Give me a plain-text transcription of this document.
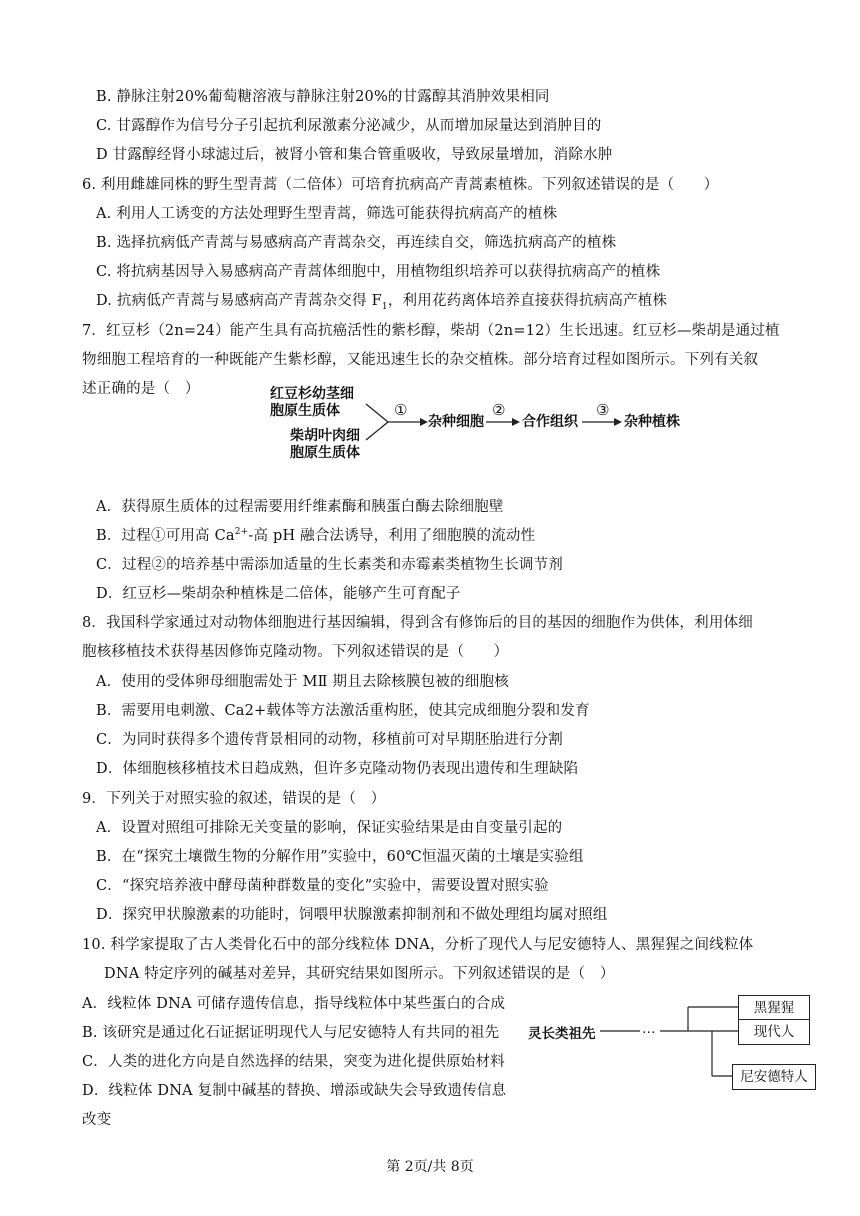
B. 静脉注射20%葡萄糖溶液与静脉注射20%的甘露醇其消肿效果相同
C. 甘露醇作为信号分子引起抗利尿激素分泌减少，从而增加尿量达到消肿目的
D 甘露醇经肾小球滤过后，被肾小管和集合管重吸收，导致尿量增加，消除水肿
6. 利用雌雄同株的野生型青蒿（二倍体）可培育抗病高产青蒿素植株。下列叙述错误的是（　　）
A. 利用人工诱变的方法处理野生型青蒿，筛选可能获得抗病高产的植株
B. 选择抗病低产青蒿与易感病高产青蒿杂交，再连续自交，筛选抗病高产的植株
C. 将抗病基因导入易感病高产青蒿体细胞中，用植物组织培养可以获得抗病高产的植株
D. 抗病低产青蒿与易感病高产青蒿杂交得 $F_1$，利用花药离体培养直接获得抗病高产植株
7．红豆杉（2n=24）能产生具有高抗癌活性的紫杉醇，柴胡（2n=12）生长迅速。红豆杉—柴胡是通过植
物细胞工程培育的一种既能产生紫杉醇，又能迅速生长的杂交植株。部分培育过程如图所示。下列有关叙
述正确的是（　）	红豆杉幼茎细
胞原生质体
柴胡叶肉细
胞原生质体
①
杂种细胞
②
合作组织
③
杂种植株
A．获得原生质体的过程需要用纤维素酶和胰蛋白酶去除细胞壁
B．过程①可用高 $Ca^{2+}-$高 pH 融合法诱导，利用了细胞膜的流动性
C．过程②的培养基中需添加适量的生长素类和赤霉素类植物生长调节剂
D．红豆杉—柴胡杂种植株是二倍体，能够产生可育配子
8．我国科学家通过对动物体细胞进行基因编辑，得到含有修饰后的目的基因的细胞作为供体，利用体细
胞核移植技术获得基因修饰克隆动物。下列叙述错误的是（　　）
A．使用的受体卵母细胞需处于 MⅡ 期且去除核膜包被的细胞核
B．需要用电刺激、Ca2+载体等方法激活重构胚，使其完成细胞分裂和发育
C．为同时获得多个遗传背景相同的动物，移植前可对早期胚胎进行分割
D．体细胞核移植技术日趋成熟，但许多克隆动物仍表现出遗传和生理缺陷
9．下列关于对照实验的叙述，错误的是（　）
A．设置对照组可排除无关变量的影响，保证实验结果是由自变量引起的
B．在“探究土壤微生物的分解作用”实验中，60℃恒温灭菌的土壤是实验组
C．“探究培养液中酵母菌种群数量的变化”实验中，需要设置对照实验
D．探究甲状腺激素的功能时，饲喂甲状腺激素抑制剂和不做处理组均属对照组
10. 科学家提取了古人类骨化石中的部分线粒体 DNA，分析了现代人与尼安德特人、黑猩猩之间线粒体
DNA 特定序列的碱基对差异，其研究结果如图所示。下列叙述错误的是（　）
A．线粒体 DNA 可储存遗传信息，指导线粒体中某些蛋白的合成
B. 该研究是通过化石证据证明现代人与尼安德特人有共同的祖先
C．人类的进化方向是自然选择的结果，突变为进化提供原始材料
D．线粒体 DNA 复制中碱基的替换、增添或缺失会导致遗传信息
改变
灵长类祖先	…
黑猩猩
现代人
尼安德特人
第 2页/共 8页
